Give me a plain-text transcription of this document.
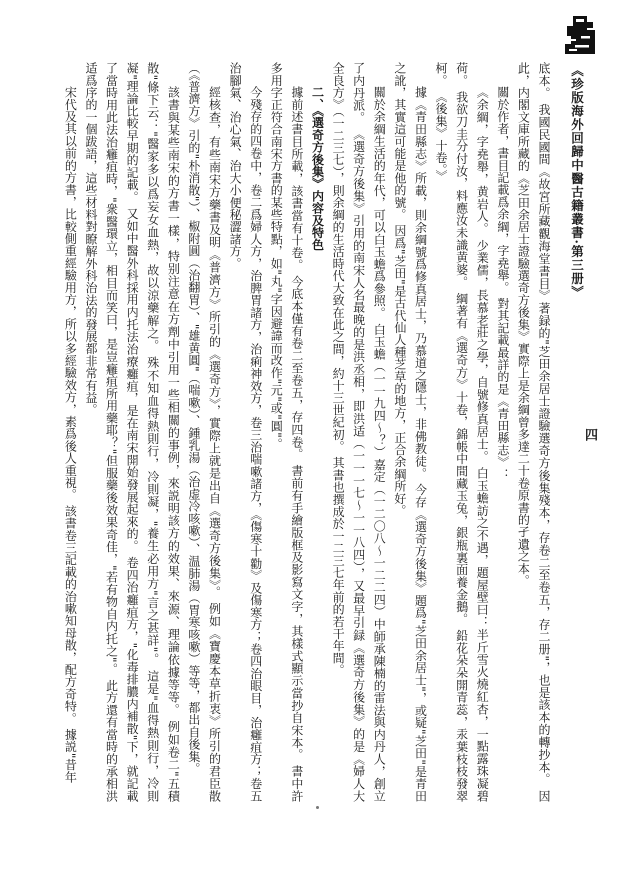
《珍版海外回歸中醫古籍叢書·第三册》
四

底本。 我國民國間《故宮所藏觀海堂書目》著録的"芝田余居士證驗選奇方後集殘本，存卷二至卷五，存二册"，也是該本的轉抄本。 因此，内閣文庫所藏的《芝田余居士證驗選奇方後集》實際上是余綱曾多達二十卷原書的孑遺之本。

關於作者，書目記載爲余綱，字堯舉。 對其記載最詳的是《青田縣志》：

《余綱，字堯舉，黄岩人。 少業儒，長慕老莊之學，自號修真居士。 白玉蟾訪之不遇，題屋壁曰：半斤雪火燒紅杏，一點露珠凝碧荷。 我欲刀圭分付汝，料應汝未識黄婆。 綱著有《選奇方》十卷，錦帳中間藏玉兔，銀瓶裏面養金鵝。 鉛花朵朵開青蕊，汞葉枝枝發翠柯。 《後集》十卷。》

據《青田縣志》所載，則余綱號爲修真居士，乃慕道之隱士，非佛教徒。 今存《選奇方後集》題爲"芝田余居士"，或疑"芝田"是青田之訛，其實這可能是他的號。 因爲"芝田"是古代仙人種芝草的地方，正合余綱所好。

關於余綱生活的年代，可以白玉蟾爲參照。 白玉蟾（一一九四～？）嘉定（一二〇八～一二二四）中師承陳楠的雷法與内丹人，創立了内丹派。 《選奇方後集》引用的南宋人名最晚的是洪丞相，即洪适（一一一七～一一八四），又最早引録《選奇方後集》的是《婦人大全良方》（一二三七），則余綱的生活時代大致在此之間，約十三世紀初。 其書也撰成於一二三七年前的若干年間。

二、《選奇方後集》内容及特色

據前述書目所載，該書當有十卷。 今底本僅有卷二至卷五，存四卷。 書前有手繪版框及影寫文字，其樣式顯示當抄自宋本。 書中許多用字正符合南宋方書的某些特點，如"丸"字因避諱而改作"元"或"圓"。

今殘存的四卷中，卷二爲婦人方，治脾胃諸方，治痢神效方，卷三治喘嗽諸方，《傷寒十勸》及傷寒方；卷四治眼目，治癰疽方；卷五治腳氣、治心氣、治大小便秘澀諸方。

經核查，有些南宋方藥書及明《普濟方》所引的《選奇方》，實際上就是出自《選奇方後集》。 例如《寶慶本草折衷》所引的君臣散（《普濟方》引的"朴消散"）、椒附圓（治翻胃）、"雄黄圓"（喘嗽）、鍾乳湯（治虚冷咳嗽）、温肺湯（胃寒咳嗽）等等，都出自後集。

該書與某些南宋的方書一樣，特别注意在方劑中引用一些相關的事例，來説明該方的效果、來源、理論依據等等。 例如卷二"五積散"條下云："醫家多以爲妄女血熱，故以涼藥解之。 殊不知血得熱則行，冷則凝，"養生必用方"言之甚詳"。 這是"血得熱則行，冷則凝"理論比較早期的記載。 又如中醫外科採用内托法治療癰疽，是在南宋開始發展起來的。 卷四治癰疽方，"化毒排膿内補散"下，就記載了當時用此法治癰疽時，"衆醫環立，相目而笑曰，是豈癰疽所用藥耶？"但服藥後效果奇佳，"若有物自内托之"。 此方還有當時的承相洪适爲序的一個跋語，這些材料對瞭解外科治法的發展都非常有益。

宋代及其以前的方書，比較側重經驗用方，所以多經驗效方，素爲後人重視。 該書卷三記載的治嗽知母散，配方奇特。 據説"昔年
